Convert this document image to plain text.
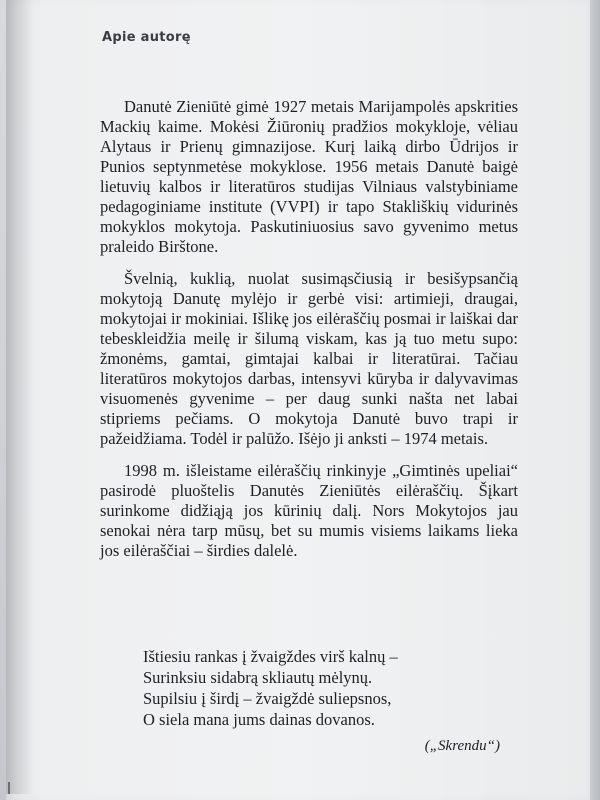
Apie autorę

Danutė Zieniūtė gimė 1927 metais Marijampolės apskrities Mackių kaime. Mokėsi Žiūronių pradžios mokykloje, vėliau Alytaus ir Prienų gimnazijose. Kurį laiką dirbo Ūdrijos ir Punios septynmetėse mokyklose. 1956 metais Danutė baigė lietuvių kalbos ir literatūros studijas Vilniaus valstybiniame pedagoginiame institute (VVPI) ir tapo Stakliškių vidurinės mokyklos mokytoja. Paskutiniuosius savo gyvenimo metus praleido Birštone.

Švelnią, kuklią, nuolat susimąsčiusią ir besišypsančią mokytoją Danutę mylėjo ir gerbė visi: artimieji, draugai, mokytojai ir mokiniai. Išlikę jos eilėraščių posmai ir laiškai dar tebeskleidžia meilę ir šilumą viskam, kas ją tuo metu supo: žmonėms, gamtai, gimtajai kalbai ir literatūrai. Tačiau literatūros mokytojos darbas, intensyvi kūryba ir dalyvavimas visuomenės gyvenime – per daug sunki našta net labai stipriems pečiams. O mokytoja Danutė buvo trapi ir pažeidžiama. Todėl ir palūžo. Išėjo ji anksti – 1974 metais.

1998 m. išleistame eilėraščių rinkinyje „Gimtinės upeliai“ pasirodė pluoštelis Danutės Zieniūtės eilėraščių. Šįkart surinkome didžiąją jos kūrinių dalį. Nors Mokytojos jau senokai nėra tarp mūsų, bet su mumis visiems laikams lieka jos eilėraščiai – širdies dalelė.

Ištiesiu rankas į žvaigždes virš kalnų –
Surinksiu sidabrą skliautų mėlynų.
Supilsiu į širdį – žvaigždė suliepsnos,
O siela mana jums dainas dovanos.
(„Skrendu“)
